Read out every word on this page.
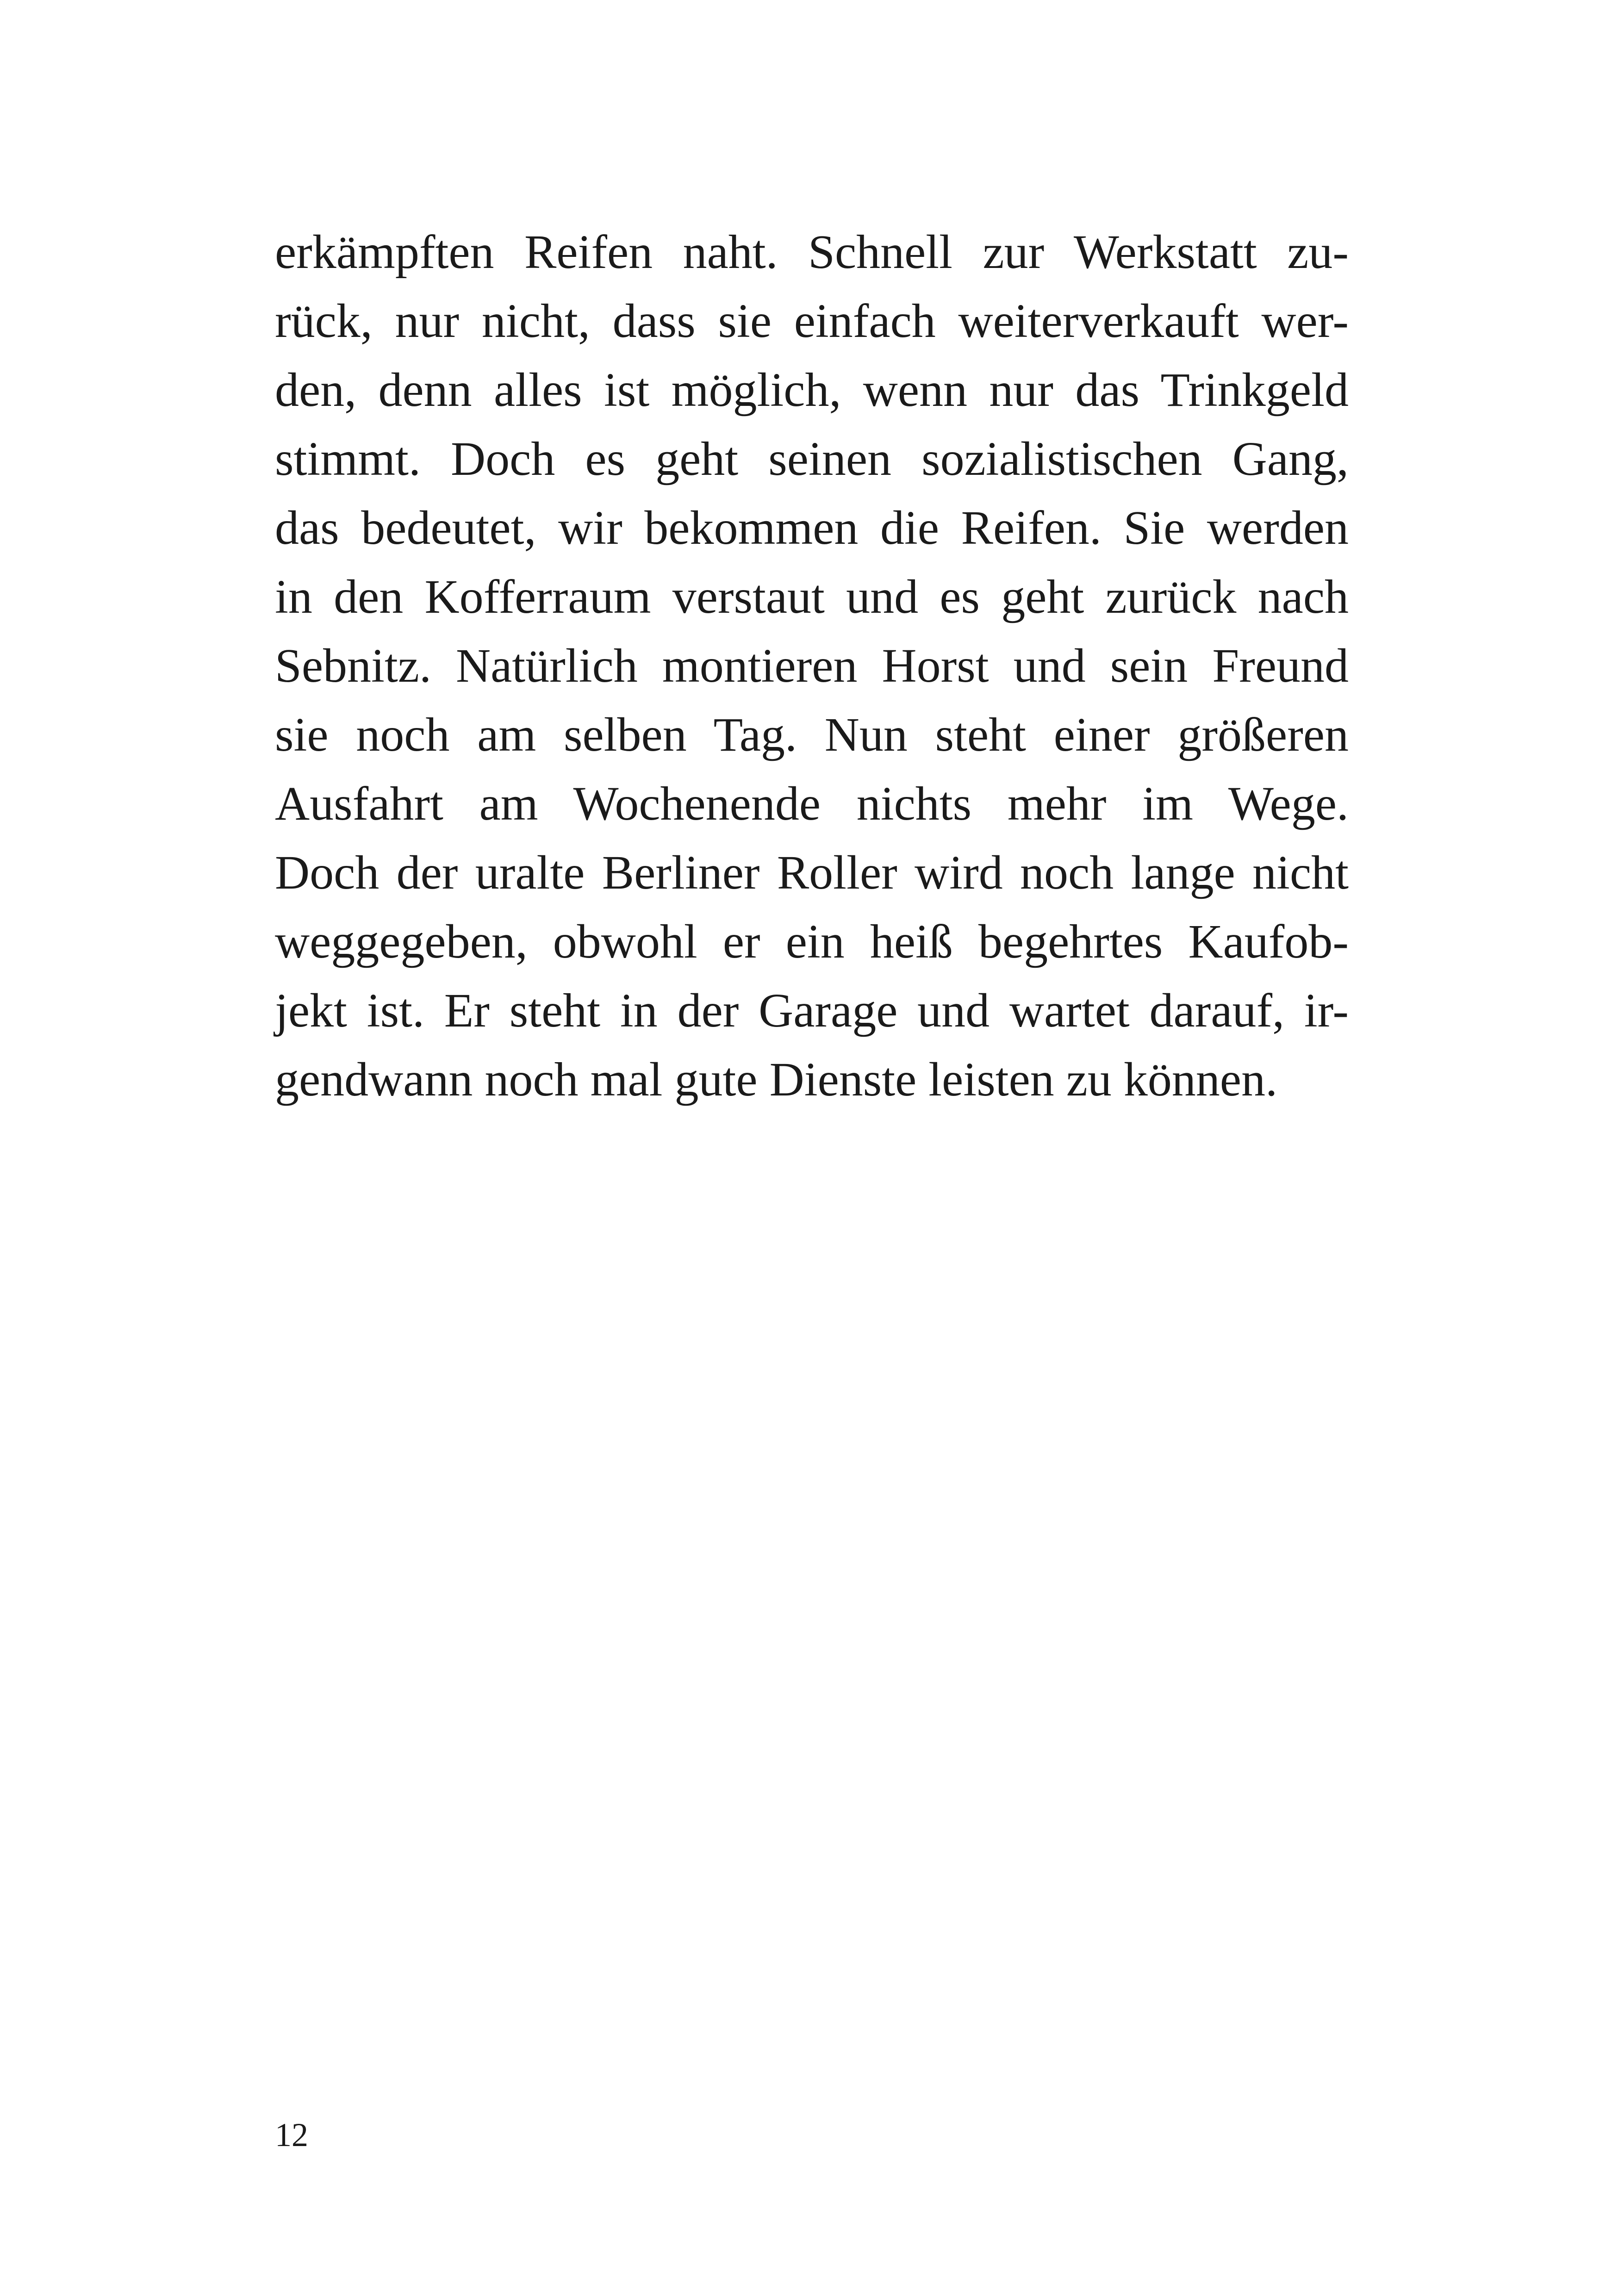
erkämpften Reifen naht. Schnell zur Werkstatt zu-
rück, nur nicht, dass sie einfach weiterverkauft wer-
den, denn alles ist möglich, wenn nur das Trinkgeld
stimmt. Doch es geht seinen sozialistischen Gang,
das bedeutet, wir bekommen die Reifen. Sie werden
in den Kofferraum verstaut und es geht zurück nach
Sebnitz. Natürlich montieren Horst und sein Freund
sie noch am selben Tag. Nun steht einer größeren
Ausfahrt am Wochenende nichts mehr im Wege.
Doch der uralte Berliner Roller wird noch lange nicht
weggegeben, obwohl er ein heiß begehrtes Kaufob-
jekt ist. Er steht in der Garage und wartet darauf, ir-
gendwann noch mal gute Dienste leisten zu können.
12
